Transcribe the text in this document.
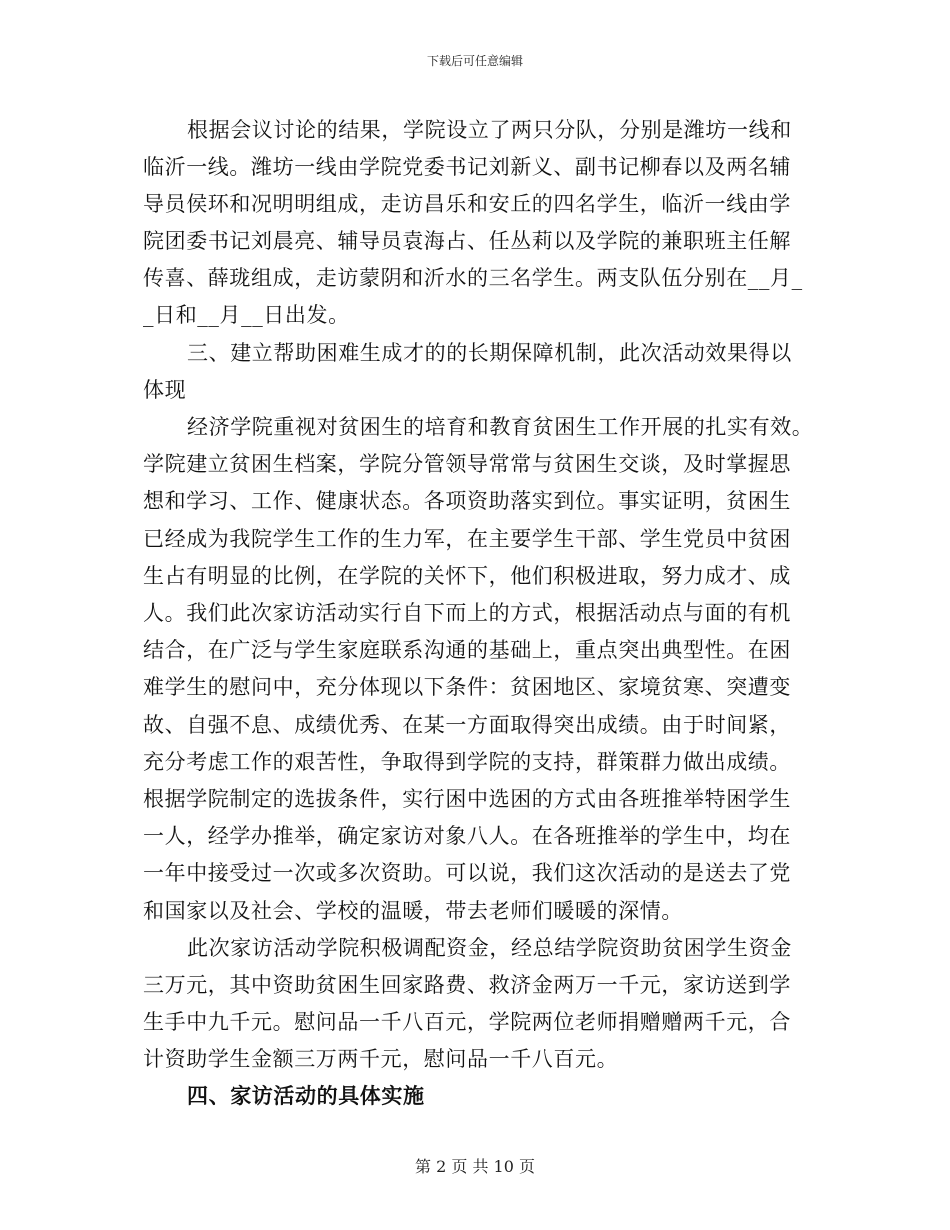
下载后可任意编辑
根据会议讨论的结果，学院设立了两只分队，分别是潍坊一线和
临沂一线。潍坊一线由学院党委书记刘新义、副书记柳春以及两名辅
导员侯环和况明明组成，走访昌乐和安丘的四名学生，临沂一线由学
院团委书记刘晨亮、辅导员袁海占、任丛莉以及学院的兼职班主任解
传喜、薛珑组成，走访蒙阴和沂水的三名学生。两支队伍分别在__月_
_日和__月__日出发。
三、建立帮助困难生成才的的长期保障机制，此次活动效果得以
体现
经济学院重视对贫困生的培育和教育贫困生工作开展的扎实有效。
学院建立贫困生档案，学院分管领导常常与贫困生交谈，及时掌握思
想和学习、工作、健康状态。各项资助落实到位。事实证明，贫困生
已经成为我院学生工作的生力军，在主要学生干部、学生党员中贫困
生占有明显的比例，在学院的关怀下，他们积极进取，努力成才、成
人。我们此次家访活动实行自下而上的方式，根据活动点与面的有机
结合，在广泛与学生家庭联系沟通的基础上，重点突出典型性。在困
难学生的慰问中，充分体现以下条件：贫困地区、家境贫寒、突遭变
故、自强不息、成绩优秀、在某一方面取得突出成绩。由于时间紧，
充分考虑工作的艰苦性，争取得到学院的支持，群策群力做出成绩。
根据学院制定的选拔条件，实行困中选困的方式由各班推举特困学生
一人，经学办推举，确定家访对象八人。在各班推举的学生中，均在
一年中接受过一次或多次资助。可以说，我们这次活动的是送去了党
和国家以及社会、学校的温暖，带去老师们暖暖的深情。
此次家访活动学院积极调配资金，经总结学院资助贫困学生资金
三万元，其中资助贫困生回家路费、救济金两万一千元，家访送到学
生手中九千元。慰问品一千八百元，学院两位老师捐赠赠两千元，合
计资助学生金额三万两千元，慰问品一千八百元。
四、家访活动的具体实施
第 2 页 共 10 页
